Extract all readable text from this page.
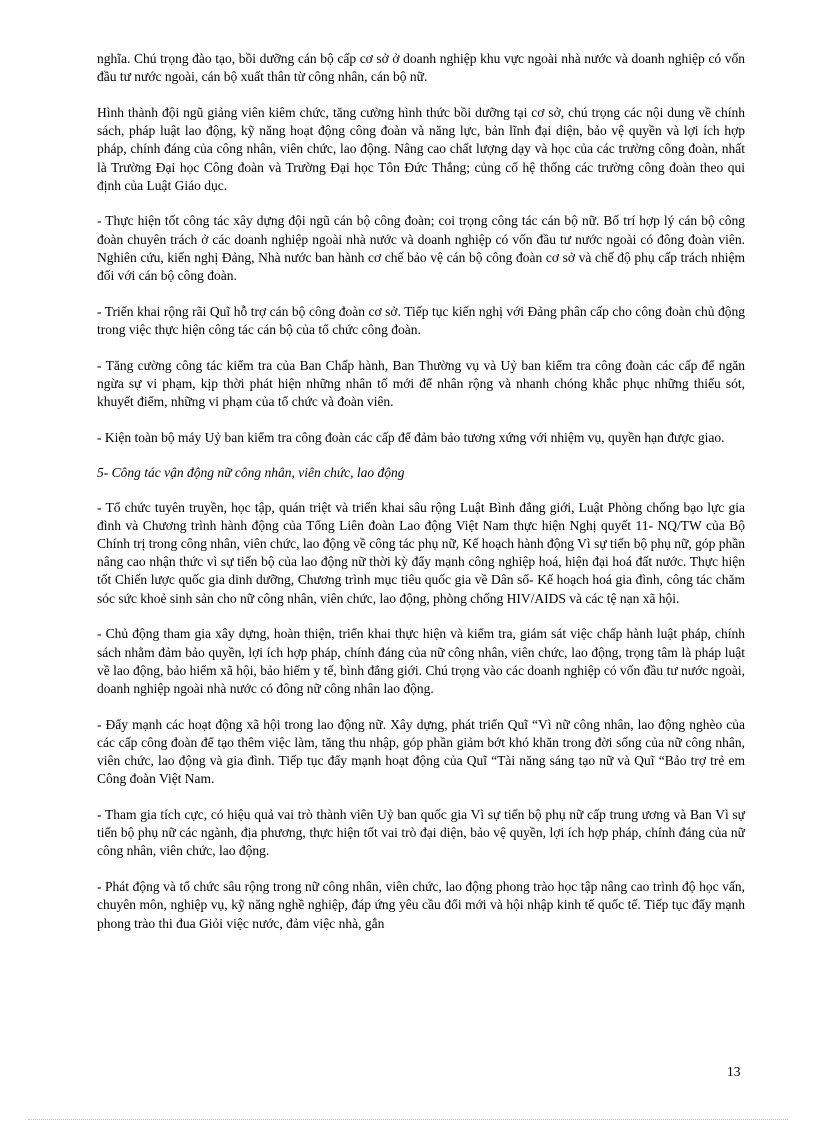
nghĩa. Chú trọng đào tạo, bồi dưỡng cán bộ cấp cơ sở ở doanh nghiệp khu vực ngoài nhà nước và doanh nghiệp có vốn đầu tư nước ngoài, cán bộ xuất thân từ công nhân, cán bộ nữ.

Hình thành đội ngũ giảng viên kiêm chức, tăng cường hình thức bồi dưỡng tại cơ sở, chú trọng các nội dung về chính sách, pháp luật lao động, kỹ năng hoạt động công đoàn và năng lực, bản lĩnh đại diện, bảo vệ quyền và lợi ích hợp pháp, chính đáng của công nhân, viên chức, lao động. Nâng cao chất lượng dạy và học của các trường công đoàn, nhất là Trường Đại học Công đoàn và Trường Đại học Tôn Đức Thắng; củng cố hệ thống các trường công đoàn theo qui định của Luật Giáo dục.

- Thực hiện tốt công tác xây dựng đội ngũ cán bộ công đoàn; coi trọng công tác cán bộ nữ. Bố trí hợp lý cán bộ công đoàn chuyên trách ở các doanh nghiệp ngoài nhà nước và doanh nghiệp có vốn đầu tư nước ngoài có đông đoàn viên. Nghiên cứu, kiến nghị Đảng, Nhà nước ban hành cơ chế bảo vệ cán bộ công đoàn cơ sở và chế độ phụ cấp trách nhiệm đối với cán bộ công đoàn.

- Triển khai rộng rãi Quĩ hỗ trợ cán bộ công đoàn cơ sở. Tiếp tục kiến nghị với Đảng phân cấp cho công đoàn chủ động trong việc thực hiện công tác cán bộ của tổ chức công đoàn.

- Tăng cường công tác kiểm tra của Ban Chấp hành, Ban Thường vụ và Uỷ ban kiểm tra công đoàn các cấp để ngăn ngừa sự vi phạm, kịp thời phát hiện những nhân tố mới để nhân rộng và nhanh chóng khắc phục những thiếu sót, khuyết điểm, những vi phạm của tổ chức và đoàn viên.

- Kiện toàn bộ máy Uỷ ban kiểm tra công đoàn các cấp để đảm bảo tương xứng với nhiệm vụ, quyền hạn được giao.

5- Công tác vận động nữ công nhân, viên chức, lao động

- Tổ chức tuyên truyền, học tập, quán triệt và triển khai sâu rộng Luật Bình đẳng giới, Luật Phòng chống bạo lực gia đình và Chương trình hành động của Tổng Liên đoàn Lao động Việt Nam thực hiện Nghị quyết 11- NQ/TW của Bộ Chính trị trong công nhân, viên chức, lao động về công tác phụ nữ, Kế hoạch hành động Vì sự tiến bộ phụ nữ, góp phần nâng cao nhận thức vì sự tiến bộ của lao động nữ thời kỳ đẩy mạnh công nghiệp hoá, hiện đại hoá đất nước. Thực hiện tốt Chiến lược quốc gia dinh dưỡng, Chương trình mục tiêu quốc gia về Dân số- Kế hoạch hoá gia đình, công tác chăm sóc sức khoẻ sinh sản cho nữ công nhân, viên chức, lao động, phòng chống HIV/AIDS và các tệ nạn xã hội.

- Chủ động tham gia xây dựng, hoàn thiện, triển khai thực hiện và kiểm tra, giám sát việc chấp hành luật pháp, chính sách nhằm đảm bảo quyền, lợi ích hợp pháp, chính đáng của nữ công nhân, viên chức, lao động, trọng tâm là pháp luật về lao động, bảo hiểm xã hội, bảo hiểm y tế, bình đẳng giới. Chú trọng vào các doanh nghiệp có vốn đầu tư nước ngoài, doanh nghiệp ngoài nhà nước có đông nữ công nhân lao động.

- Đẩy mạnh các hoạt động xã hội trong lao động nữ. Xây dựng, phát triển Quĩ “Vì nữ công nhân, lao động nghèo của các cấp công đoàn để tạo thêm việc làm, tăng thu nhập, góp phần giảm bớt khó khăn trong đời sống của nữ công nhân, viên chức, lao động và gia đình. Tiếp tục đẩy mạnh hoạt động của Quĩ “Tài năng sáng tạo nữ và Quĩ “Bảo trợ trẻ em Công đoàn Việt Nam.

- Tham gia tích cực, có hiệu quả vai trò thành viên Uỷ ban quốc gia Vì sự tiến bộ phụ nữ cấp trung ương và Ban Vì sự tiến bộ phụ nữ các ngành, địa phương, thực hiện tốt vai trò đại diện, bảo vệ quyền, lợi ích hợp pháp, chính đáng của nữ công nhân, viên chức, lao động.

- Phát động và tổ chức sâu rộng trong nữ công nhân, viên chức, lao động phong trào học tập nâng cao trình độ học vấn, chuyên môn, nghiệp vụ, kỹ năng nghề nghiệp, đáp ứng yêu cầu đổi mới và hội nhập kinh tế quốc tế. Tiếp tục đẩy mạnh phong trào thi đua Giỏi việc nước, đảm việc nhà, gắn

13
